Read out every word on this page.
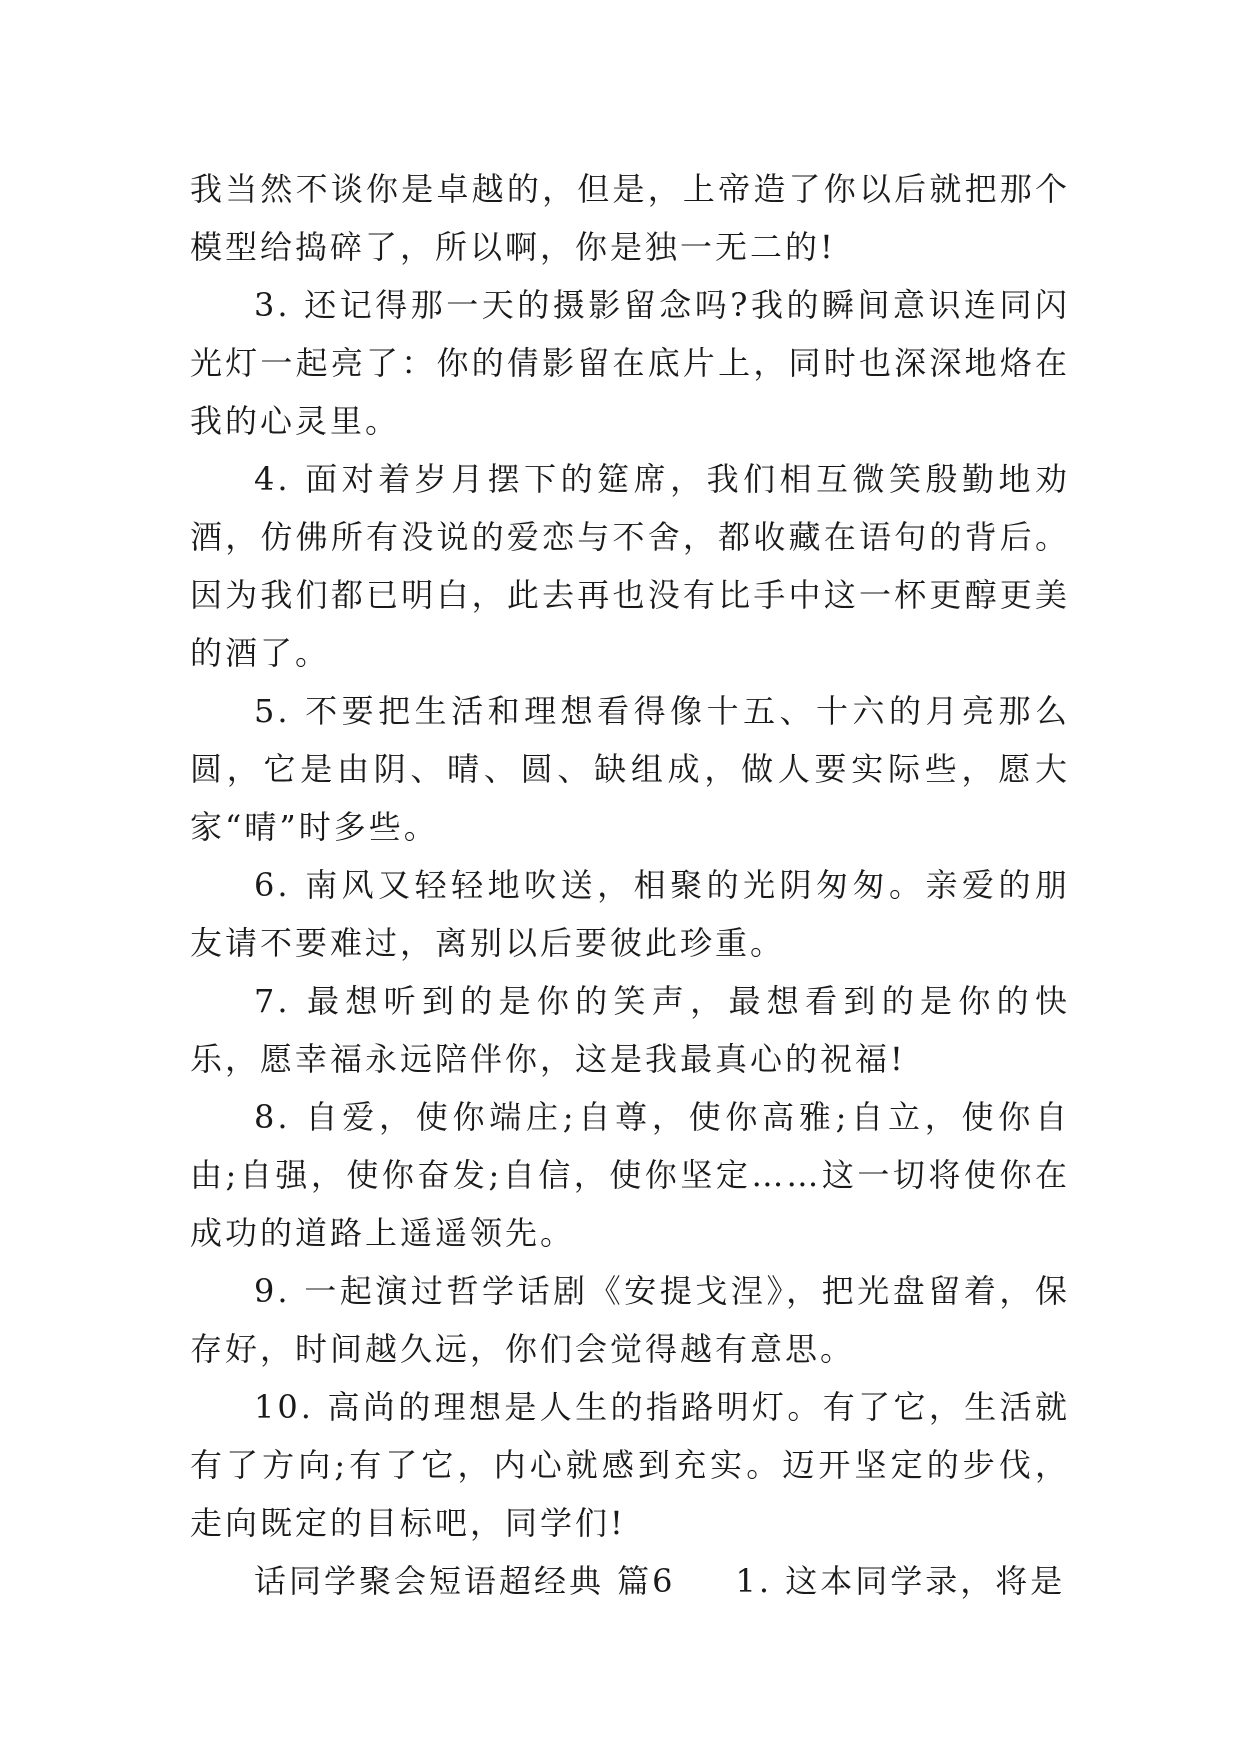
我当然不谈你是卓越的，但是，上帝造了你以后就把那个模型给捣碎了，所以啊，你是独一无二的!

3. 还记得那一天的摄影留念吗?我的瞬间意识连同闪光灯一起亮了：你的倩影留在底片上，同时也深深地烙在我的心灵里。

4. 面对着岁月摆下的筵席，我们相互微笑殷勤地劝酒，仿佛所有没说的爱恋与不舍，都收藏在语句的背后。因为我们都已明白，此去再也没有比手中这一杯更醇更美的酒了。

5. 不要把生活和理想看得像十五、十六的月亮那么圆，它是由阴、晴、圆、缺组成，做人要实际些，愿大家“晴”时多些。

6. 南风又轻轻地吹送，相聚的光阴匆匆。亲爱的朋友请不要难过，离别以后要彼此珍重。

7. 最想听到的是你的笑声，最想看到的是你的快乐，愿幸福永远陪伴你，这是我最真心的祝福!

8. 自爱，使你端庄;自尊，使你高雅;自立，使你自由;自强，使你奋发;自信，使你坚定……这一切将使你在成功的道路上遥遥领先。

9. 一起演过哲学话剧《安提戈涅》，把光盘留着，保存好，时间越久远，你们会觉得越有意思。

10. 高尚的理想是人生的指路明灯。有了它，生活就有了方向;有了它，内心就感到充实。迈开坚定的步伐，走向既定的目标吧，同学们!

话同学聚会短语超经典 篇6 1. 这本同学录，将是
